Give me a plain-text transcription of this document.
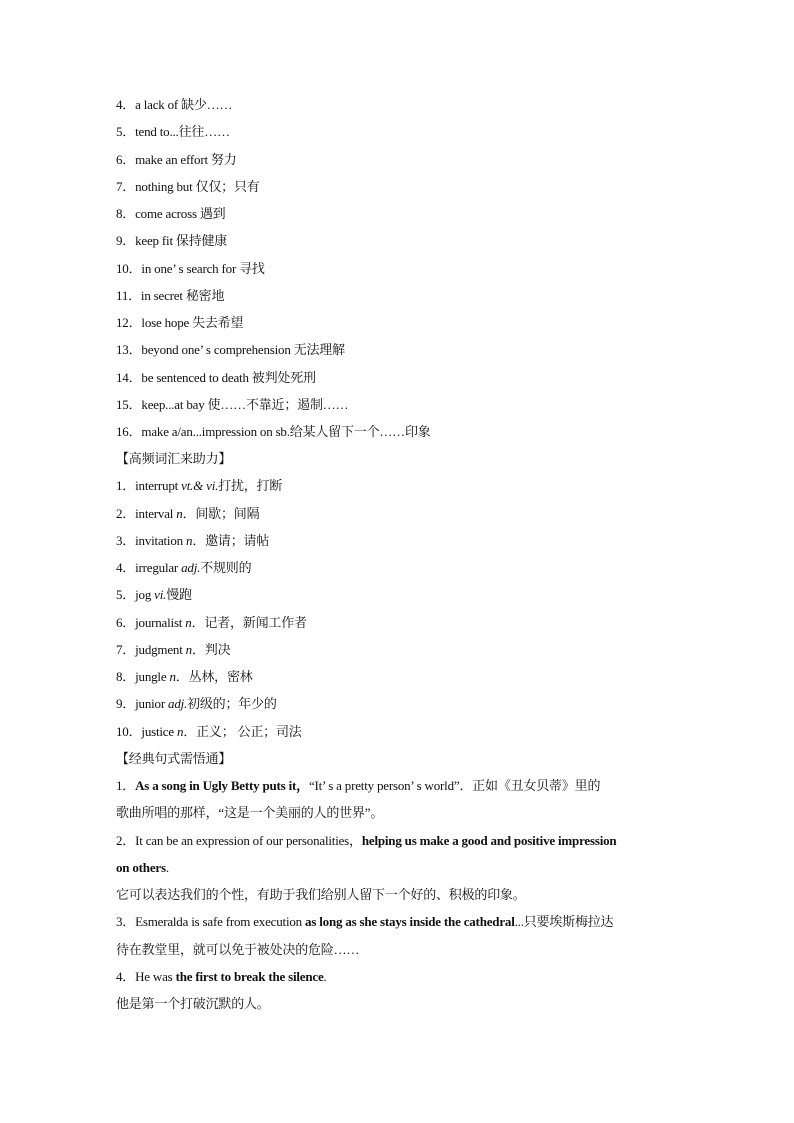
4．a lack of 缺少……
5．tend to...往往……
6．make an effort 努力
7．nothing but 仅仅；只有
8．come across 遇到
9．keep fit 保持健康
10．in one’ s search for 寻找
11．in secret 秘密地
12．lose hope 失去希望
13．beyond one’ s comprehension 无法理解
14．be sentenced to death 被判处死刑
15．keep...at bay 使……不靠近；遏制……
16．make a/an...impression on sb.给某人留下一个……印象
【高频词汇来助力】
1．interrupt vt.& vi.打扰，打断
2．interval n．间歇；间隔
3．invitation n．邀请；请帖
4．irregular adj.不规则的
5．jog vi.慢跑
6．journalist n．记者，新闻工作者
7．judgment n．判决
8．jungle n．丛林，密林
9．junior adj.初级的；年少的
10．justice n．正义； 公正；司法
【经典句式需悟通】
1．As a song in Ugly Betty puts it，“It’ s a pretty person’ s world”．正如《丑女贝蒂》里的
歌曲所唱的那样，“这是一个美丽的人的世界”。
2．It can be an expression of our personalities，helping us make a good and positive impression
on others.
它可以表达我们的个性，有助于我们给别人留下一个好的、积极的印象。
3．Esmeralda is safe from execution as long as she stays inside the cathedral...只要埃斯梅拉达
待在教堂里，就可以免于被处决的危险……
4．He was the first to break the silence.
他是第一个打破沉默的人。
